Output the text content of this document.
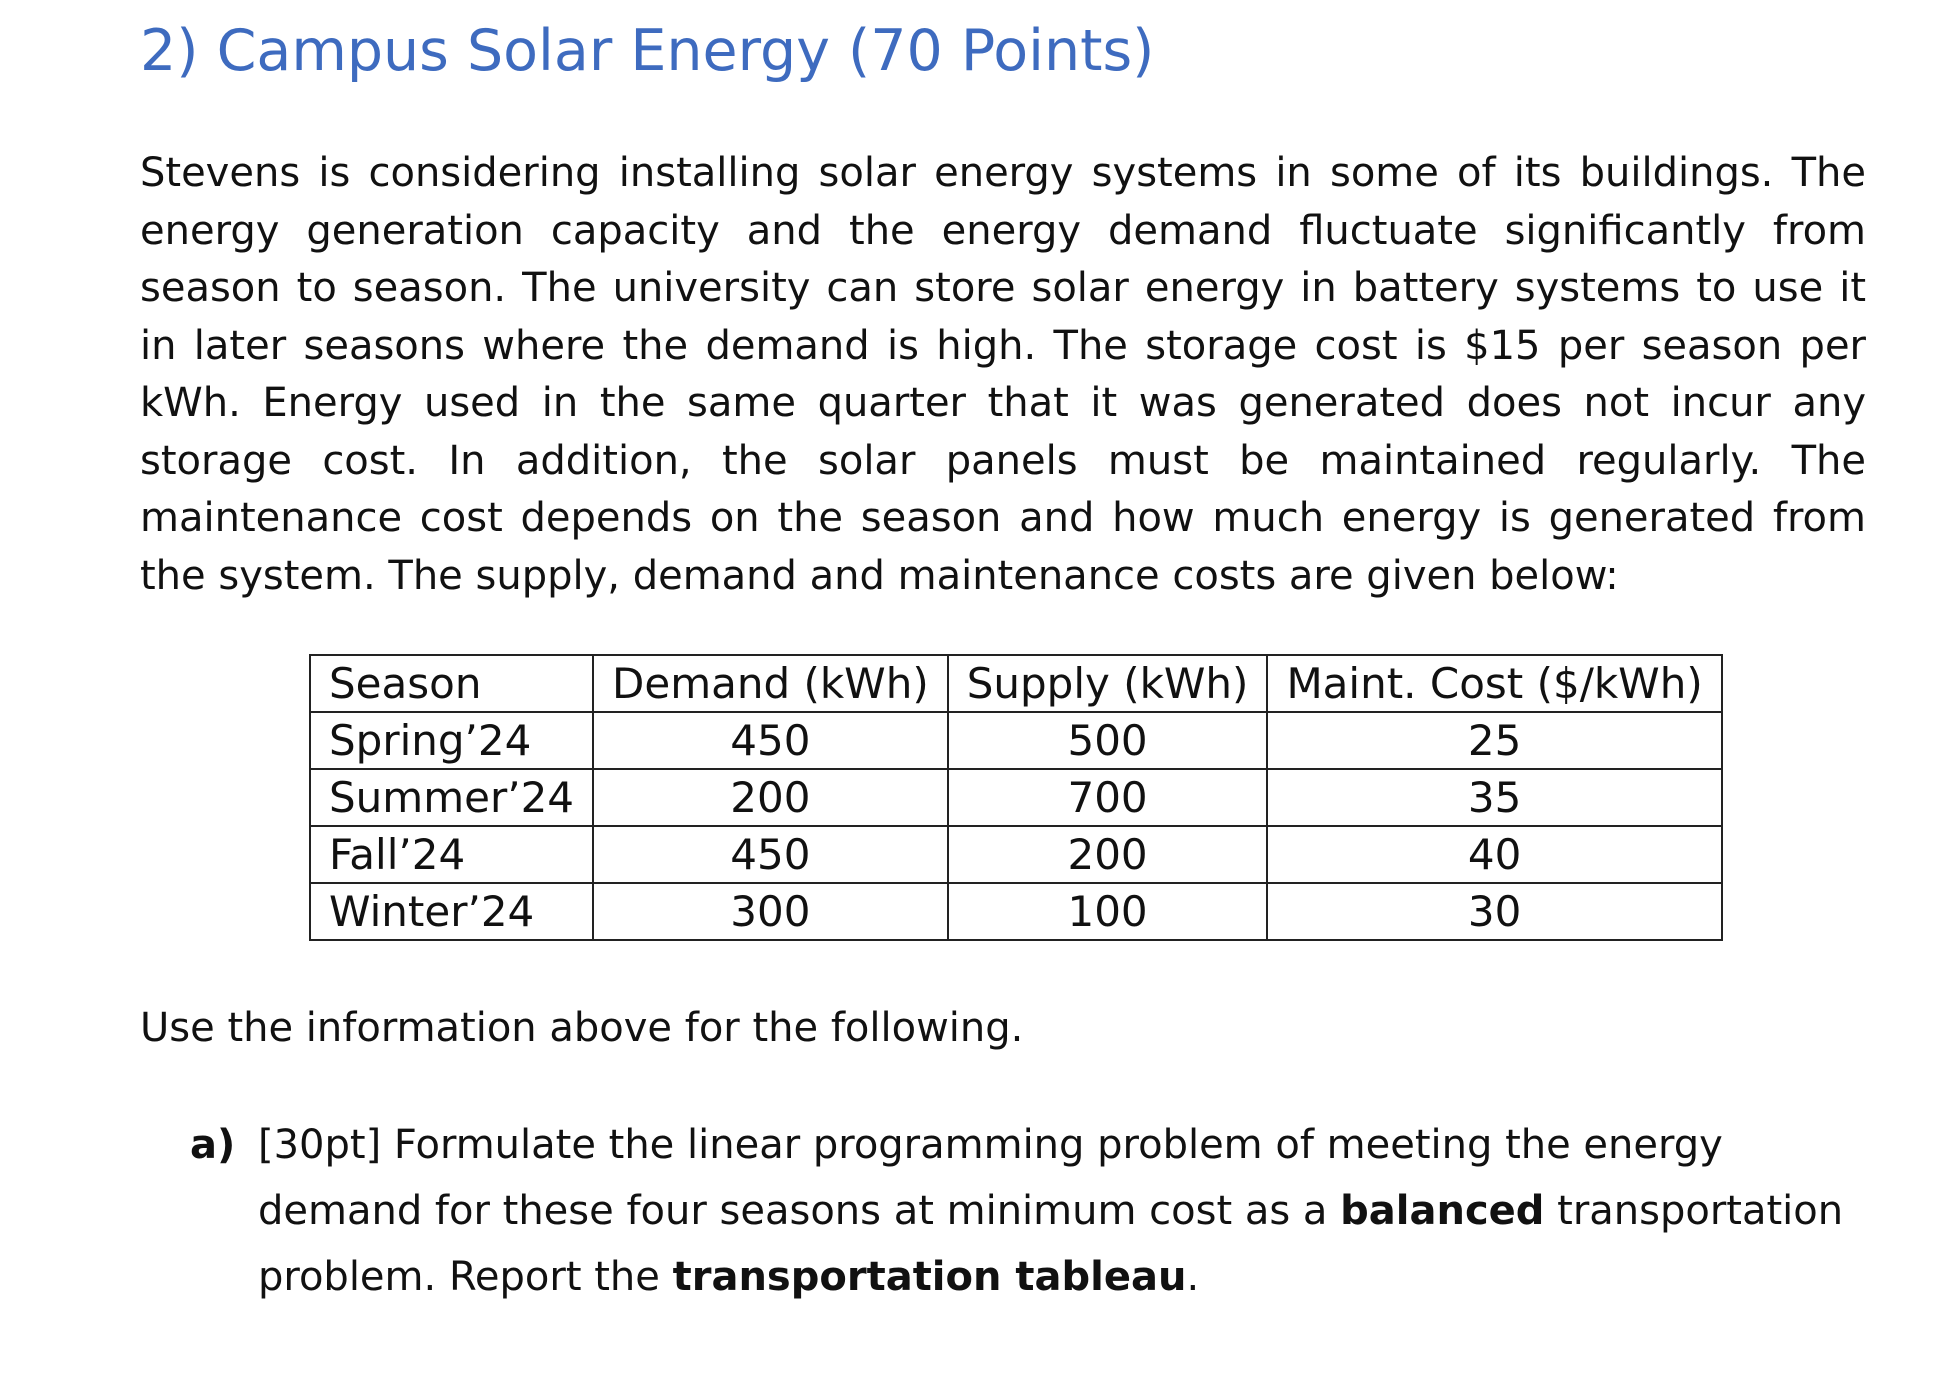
2) Campus Solar Energy (70 Points)

Stevens is considering installing solar energy systems in some of its buildings. The energy generation capacity and the energy demand fluctuate significantly from season to season. The university can store solar energy in battery systems to use it in later seasons where the demand is high. The storage cost is $15 per season per kWh. Energy used in the same quarter that it was generated does not incur any storage cost. In addition, the solar panels must be maintained regularly. The maintenance cost depends on the season and how much energy is generated from the system. The supply, demand and maintenance costs are given below:

Season	Demand (kWh)	Supply (kWh)	Maint. Cost ($/kWh)
Spring’24	450	500	25
Summer’24	200	700	35
Fall’24	450	200	40
Winter’24	300	100	30

Use the information above for the following.

a) [30pt] Formulate the linear programming problem of meeting the energy demand for these four seasons at minimum cost as a balanced transportation problem. Report the transportation tableau.
